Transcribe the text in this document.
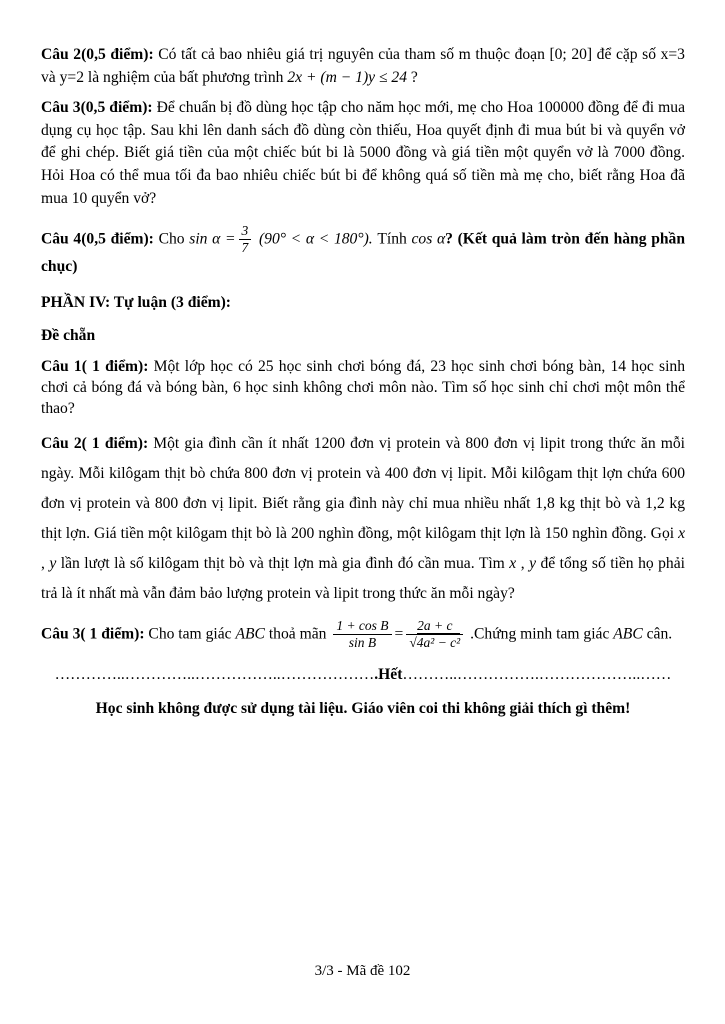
Câu 2(0,5 điểm): Có tất cả bao nhiêu giá trị nguyên của tham số m thuộc đoạn [0; 20] để cặp số x=3 và y=2 là nghiệm của bất phương trình 2x + (m − 1)y ≤ 24 ?

Câu 3(0,5 điểm): Để chuẩn bị đồ dùng học tập cho năm học mới, mẹ cho Hoa 100000 đồng để đi mua dụng cụ học tập. Sau khi lên danh sách đồ dùng còn thiếu, Hoa quyết định đi mua bút bi và quyển vở để ghi chép. Biết giá tiền của một chiếc bút bi là 5000 đồng và giá tiền một quyển vở là 7000 đồng. Hỏi Hoa có thể mua tối đa bao nhiêu chiếc bút bi để không quá số tiền mà mẹ cho, biết rằng Hoa đã mua 10 quyển vở?

Câu 4(0,5 điểm): Cho $\sin \alpha = \frac{3}{7} (90^\circ < \alpha < 180^\circ)$. Tính cos α? (Kết quả làm tròn đến hàng phần chục)

PHẦN IV: Tự luận (3 điểm):

Đề chẵn

Câu 1( 1 điểm): Một lớp học có 25 học sinh chơi bóng đá, 23 học sinh chơi bóng bàn, 14 học sinh chơi cả bóng đá và bóng bàn, 6 học sinh không chơi môn nào. Tìm số học sinh chỉ chơi một môn thể thao?

Câu 2( 1 điểm): Một gia đình cần ít nhất 1200 đơn vị protein và 800 đơn vị lipit trong thức ăn mỗi ngày. Mỗi kilôgam thịt bò chứa 800 đơn vị protein và 400 đơn vị lipit. Mỗi kilôgam thịt lợn chứa 600 đơn vị protein và 800 đơn vị lipit. Biết rằng gia đình này chỉ mua nhiều nhất 1,8 kg thịt bò và 1,2 kg thịt lợn. Giá tiền một kilôgam thịt bò là 200 nghìn đồng, một kilôgam thịt lợn là 150 nghìn đồng. Gọi x , y lần lượt là số kilôgam thịt bò và thịt lợn mà gia đình đó cần mua. Tìm x , y để tổng số tiền họ phải trả là ít nhất mà vẫn đảm bảo lượng protein và lipit trong thức ăn mỗi ngày?

Câu 3( 1 điểm): Cho tam giác ABC thoả mãn $\frac{\text{1 + cos B}}{\text{sin B}} = \frac{2a + c}{\text{√4a² − c²}}$ .Chứng minh tam giác ABC cân.

…………..…………..……………..……………….Hết………..…………….………………..……

Học sinh không được sử dụng tài liệu. Giáo viên coi thi không giải thích gì thêm!

3/3 - Mã đề 102
